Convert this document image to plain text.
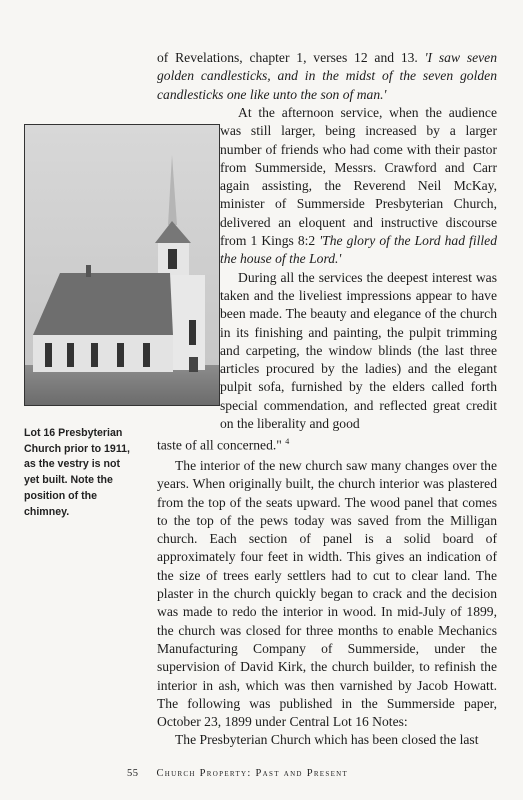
of Revelations, chapter 1, verses 12 and 13. 'I saw seven golden candlesticks, and in the midst of the seven golden candlesticks one like unto the son of man.'

At the afternoon service, when the audience was still larger, being increased by a larger number of friends who had come with their pastor from Summerside, Messrs. Crawford and Carr again assisting, the Reverend Neil McKay, minister of Summerside Presbyterian Church, delivered an eloquent and instructive discourse from 1 Kings 8:2 'The glory of the Lord had filled the house of the Lord.'

During all the services the deepest interest was taken and the liveliest impressions appear to have been made. The beauty and elegance of the church in its finishing and painting, the pulpit trimming and carpeting, the window blinds (the last three articles procured by the ladies) and the elegant pulpit sofa, furnished by the elders called forth special commendation, and reflected great credit on the liberality and good

taste of all concerned." $^4$

Lot 16 Presbyterian Church prior to 1911, as the vestry is not yet built. Note the position of the chimney.

The interior of the new church saw many changes over the years. When originally built, the church interior was plastered from the top of the seats upward. The wood panel that comes to the top of the pews today was saved from the Milligan church. Each section of panel is a solid board of approximately four feet in width. This gives an indication of the size of trees early settlers had to cut to clear land. The plaster in the church quickly began to crack and the decision was made to redo the interior in wood. In mid-July of 1899, the church was closed for three months to enable Mechanics Manufacturing Company of Summerside, under the supervision of David Kirk, the church builder, to refinish the interior in ash, which was then varnished by Jacob Howatt. The following was published in the Summerside paper, October 23, 1899 under Central Lot 16 Notes:

The Presbyterian Church which has been closed the last

55 Church Property: Past and Present
